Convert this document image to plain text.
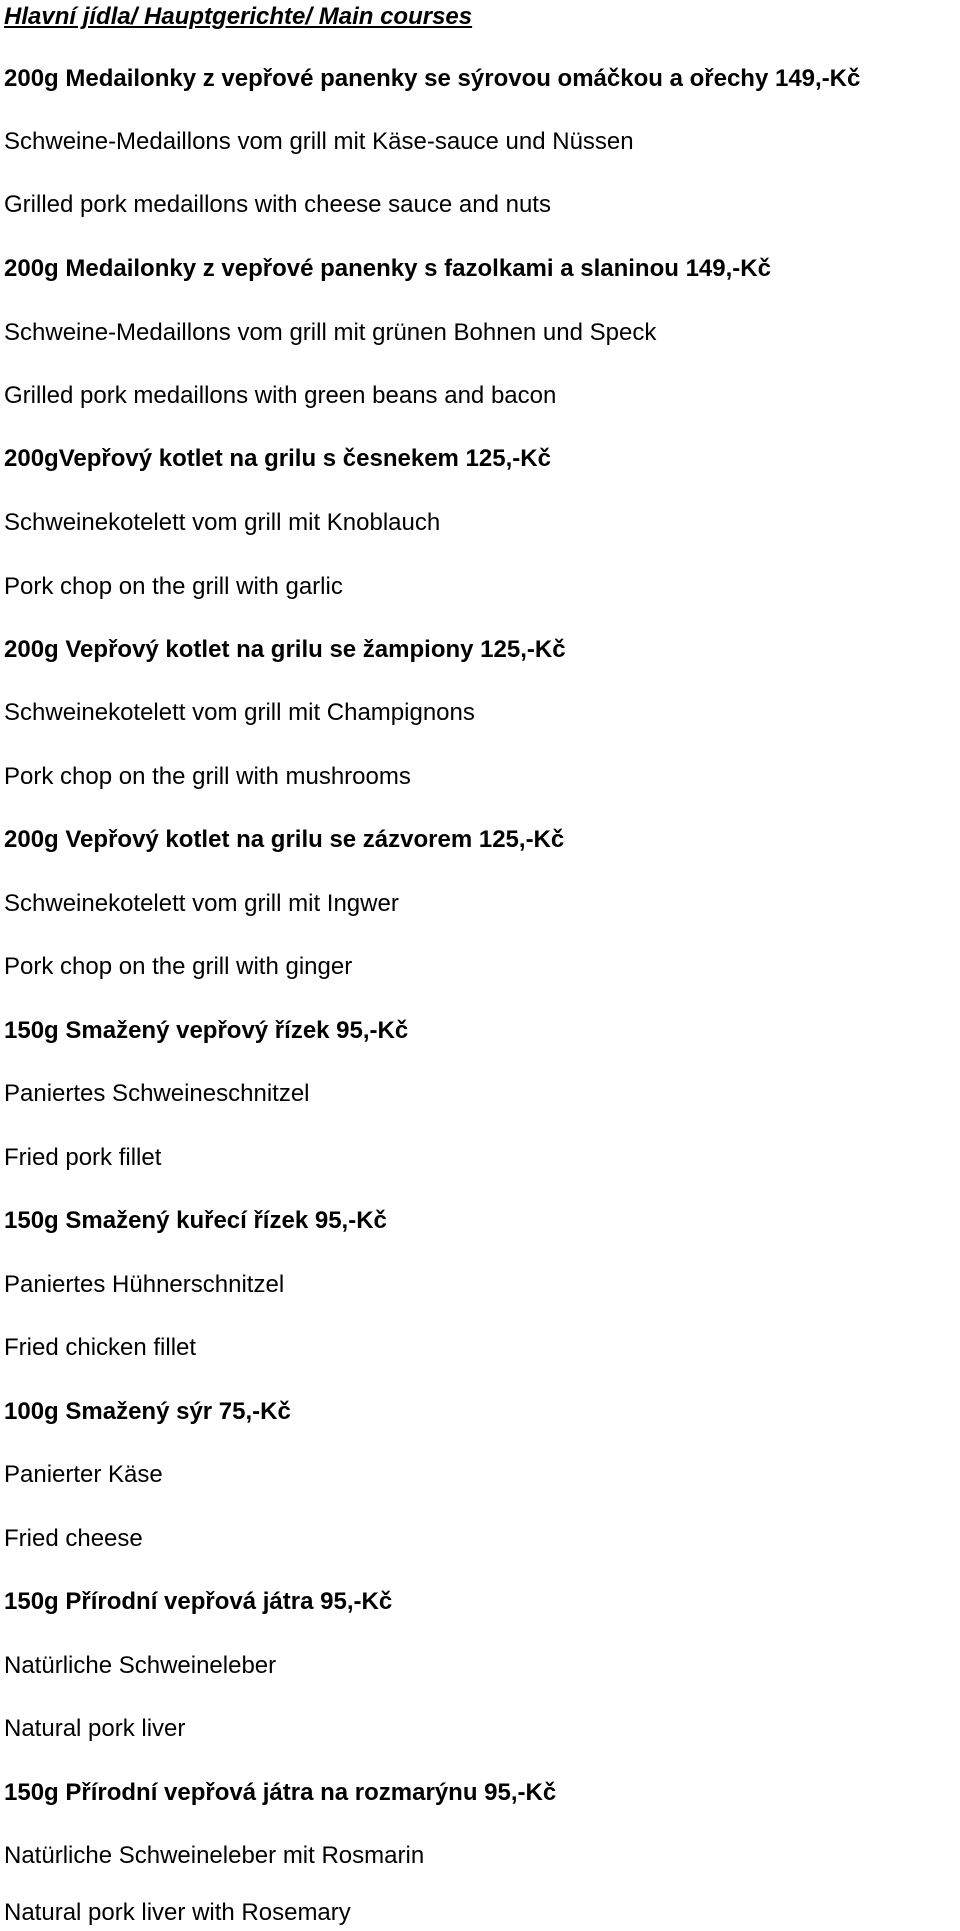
Hlavní jídla/ Hauptgerichte/ Main courses
200g Medailonky z vepřové panenky se sýrovou omáčkou a ořechy 149,-Kč
Schweine-Medaillons vom grill mit Käse-sauce und Nüssen
Grilled pork medaillons with cheese sauce and nuts
200g Medailonky z vepřové panenky s fazolkami a slaninou 149,-Kč
Schweine-Medaillons vom grill mit grünen Bohnen und Speck
Grilled pork medaillons with green beans and bacon
200gVepřový kotlet na grilu s česnekem 125,-Kč
Schweinekotelett vom grill mit Knoblauch
Pork chop on the grill with garlic
200g Vepřový kotlet na grilu se žampiony 125,-Kč
Schweinekotelett vom grill mit Champignons
Pork chop on the grill with mushrooms
200g Vepřový kotlet na grilu se zázvorem 125,-Kč
Schweinekotelett vom grill mit Ingwer
Pork chop on the grill with ginger
150g Smažený vepřový řízek 95,-Kč
Paniertes Schweineschnitzel
Fried pork fillet
150g Smažený kuřecí řízek 95,-Kč
Paniertes Hühnerschnitzel
Fried chicken fillet
100g Smažený sýr 75,-Kč
Panierter Käse
Fried cheese
150g Přírodní vepřová játra 95,-Kč
Natürliche Schweineleber
Natural pork liver
150g Přírodní vepřová játra na rozmarýnu 95,-Kč
Natürliche Schweineleber mit Rosmarin
Natural pork liver with Rosemary
